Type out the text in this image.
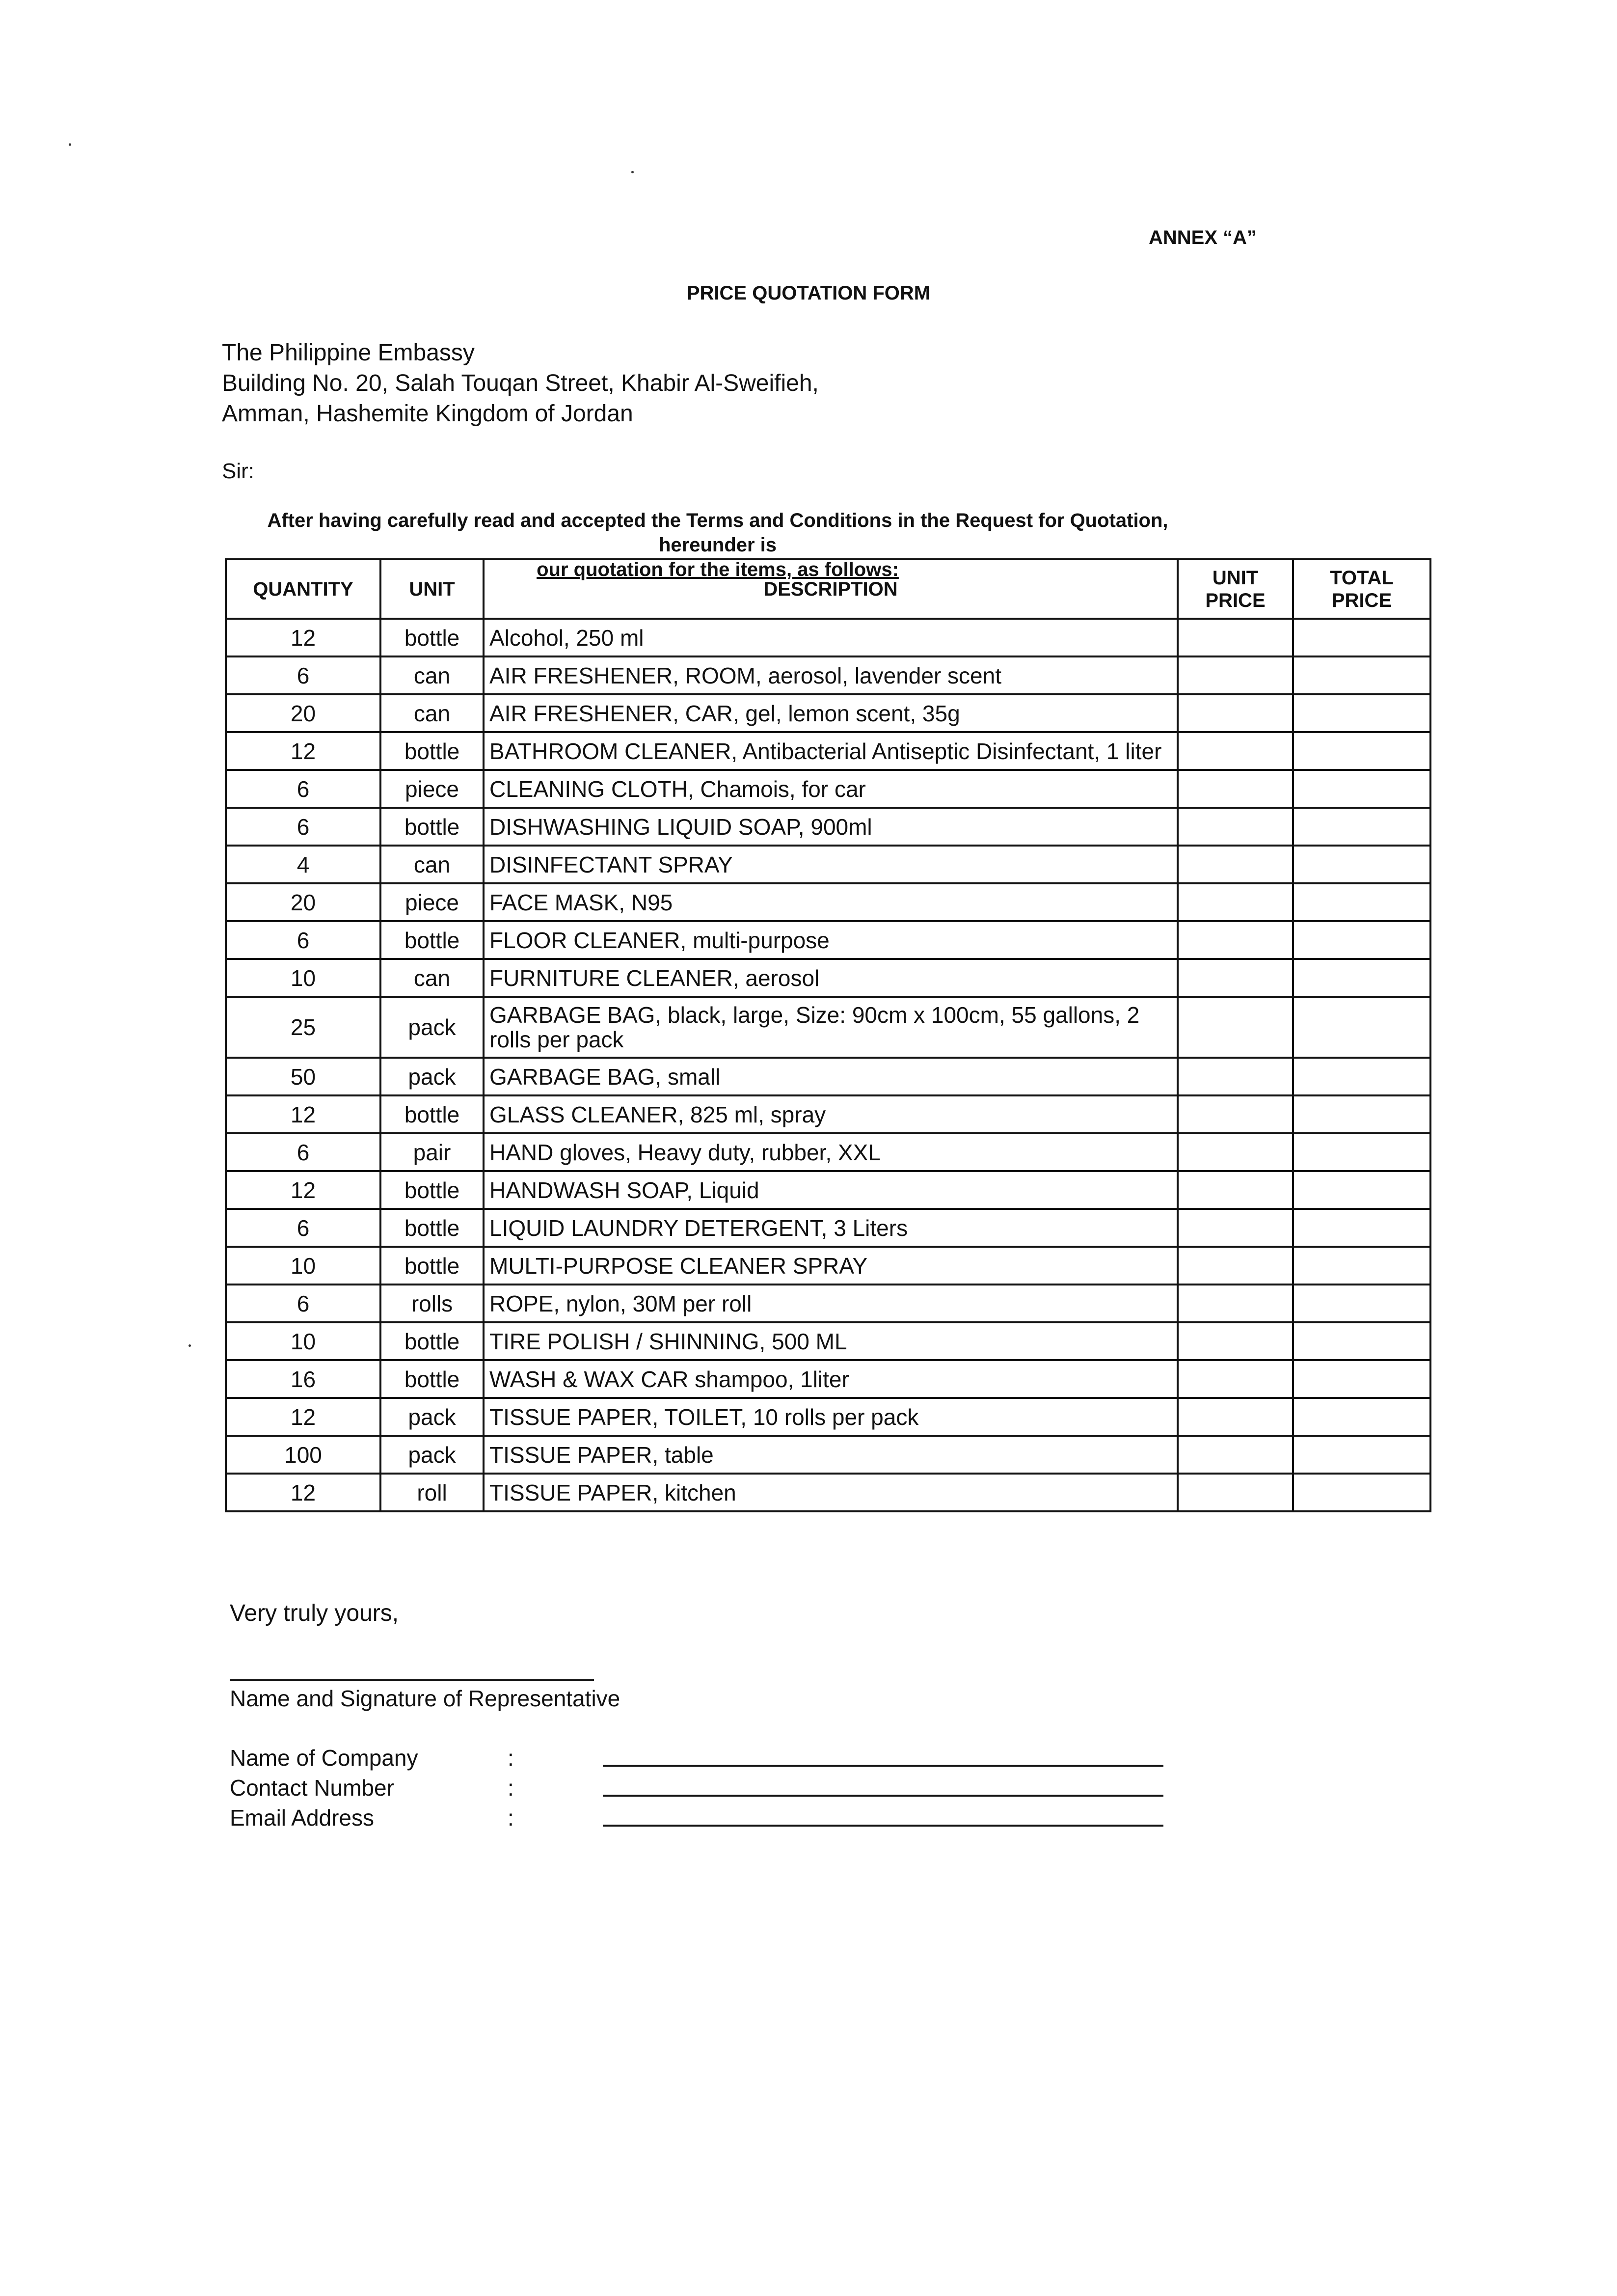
ANNEX “A”
PRICE QUOTATION FORM
The Philippine Embassy
Building No. 20, Salah Touqan Street, Khabir Al-Sweifieh,
Amman, Hashemite Kingdom of Jordan
Sir:
After having carefully read and accepted the Terms and Conditions in the Request for Quotation, hereunder is
our quotation for the items, as follows:
QUANTITY	UNIT	DESCRIPTION	UNIT PRICE	TOTAL PRICE
12	bottle	Alcohol, 250 ml		
6	can	AIR FRESHENER, ROOM, aerosol, lavender scent		
20	can	AIR FRESHENER, CAR, gel, lemon scent, 35g		
12	bottle	BATHROOM CLEANER, Antibacterial Antiseptic Disinfectant, 1 liter		
6	piece	CLEANING CLOTH, Chamois, for car		
6	bottle	DISHWASHING LIQUID SOAP, 900ml		
4	can	DISINFECTANT SPRAY		
20	piece	FACE MASK, N95		
6	bottle	FLOOR CLEANER, multi-purpose		
10	can	FURNITURE CLEANER, aerosol		
25	pack	GARBAGE BAG, black, large, Size: 90cm x 100cm, 55 gallons, 2 rolls per pack		
50	pack	GARBAGE BAG, small		
12	bottle	GLASS CLEANER, 825 ml, spray		
6	pair	HAND gloves, Heavy duty, rubber, XXL		
12	bottle	HANDWASH SOAP, Liquid		
6	bottle	LIQUID LAUNDRY DETERGENT, 3 Liters		
10	bottle	MULTI-PURPOSE CLEANER SPRAY		
6	rolls	ROPE, nylon, 30M per roll		
10	bottle	TIRE POLISH / SHINNING, 500 ML		
16	bottle	WASH & WAX CAR shampoo, 1liter		
12	pack	TISSUE PAPER, TOILET, 10 rolls per pack		
100	pack	TISSUE PAPER, table		
12	roll	TISSUE PAPER, kitchen		
Very truly yours,
Name and Signature of Representative
Name of Company	:
Contact Number	:
Email Address	:
